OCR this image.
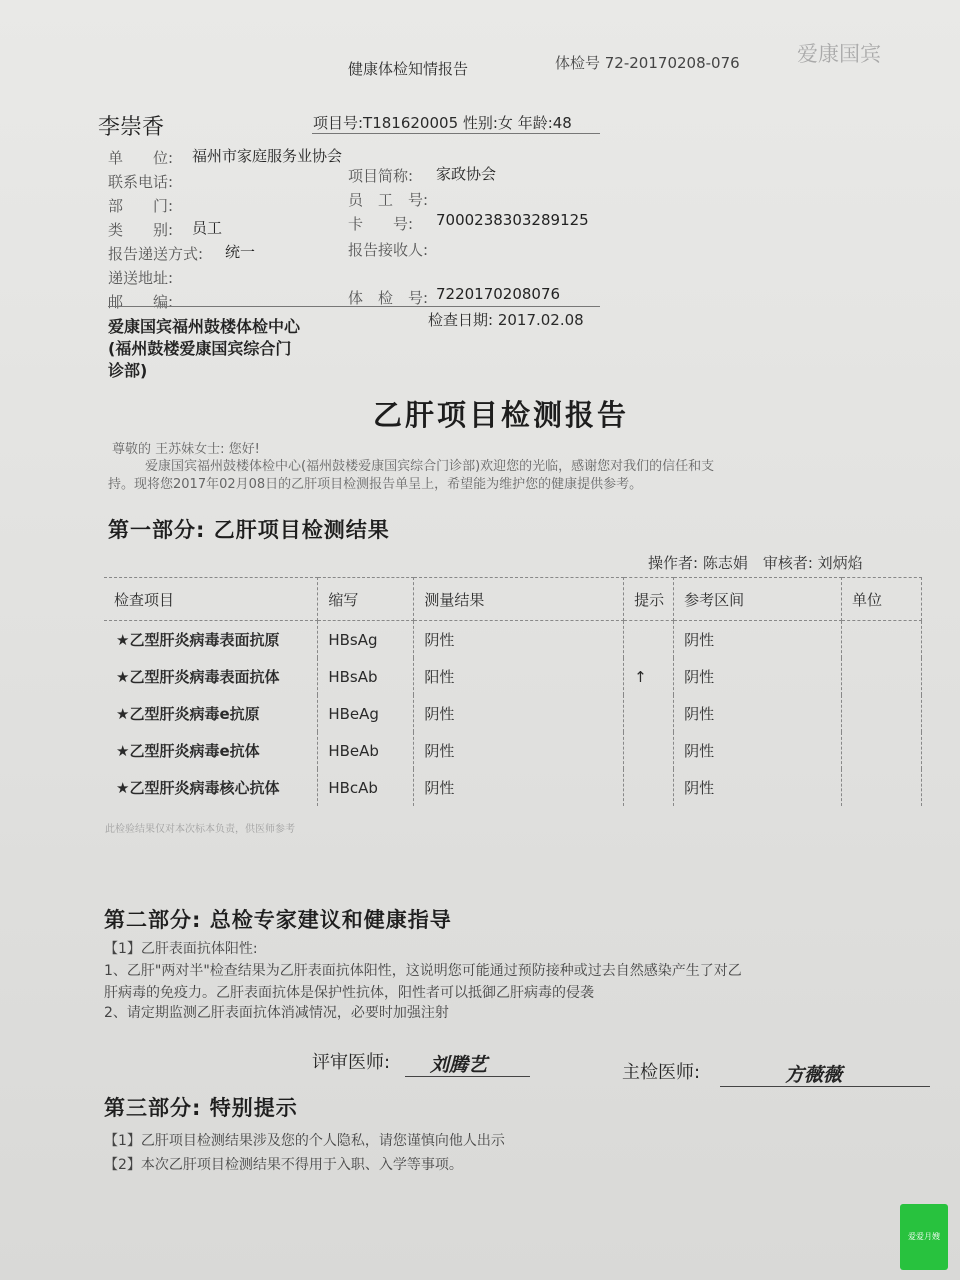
健康体检知情报告	体检号 72-20170208-076	爱康国宾
李崇香	项目号:T181620005 性别:女 年龄:48
单　　位: 福州市家庭服务业协会
联系电话:
部　　门:
类　　别: 员工
报告递送方式: 统一
递送地址:
邮　　编:
项目简称: 家政协会
员　工　号:
卡　　号: 7000238303289125
报告接收人:
体　检　号: 7220170208076
爱康国宾福州鼓楼体检中心
(福州鼓楼爱康国宾综合门
诊部)
检查日期: 2017.02.08
乙肝项目检测报告
尊敬的 王苏妹女士: 您好!
爱康国宾福州鼓楼体检中心(福州鼓楼爱康国宾综合门诊部)欢迎您的光临，感谢您对我们的信任和支
持。现将您2017年02月08日的乙肝项目检测报告单呈上，希望能为维护您的健康提供参考。
第一部分: 乙肝项目检测结果
操作者: 陈志娟　审核者: 刘炳焰
检查项目	缩写	测量结果	提示	参考区间	单位
★乙型肝炎病毒表面抗原	HBsAg	阴性		阴性	
★乙型肝炎病毒表面抗体	HBsAb	阳性	↑	阴性	
★乙型肝炎病毒e抗原	HBeAg	阴性		阴性	
★乙型肝炎病毒e抗体	HBeAb	阴性		阴性	
★乙型肝炎病毒核心抗体	HBcAb	阴性		阴性	
此检验结果仅对本次标本负责，供医师参考
第二部分: 总检专家建议和健康指导
【1】乙肝表面抗体阳性:
1、乙肝"两对半"检查结果为乙肝表面抗体阳性，这说明您可能通过预防接种或过去自然感染产生了对乙
肝病毒的免疫力。乙肝表面抗体是保护性抗体，阳性者可以抵御乙肝病毒的侵袭
2、请定期监测乙肝表面抗体消减情况，必要时加强注射
评审医师: 刘腾艺	主检医师:	方薇薇
第三部分: 特别提示
【1】乙肝项目检测结果涉及您的个人隐私，请您谨慎向他人出示
【2】本次乙肝项目检测结果不得用于入职、入学等事项。
爱爱月嫂
